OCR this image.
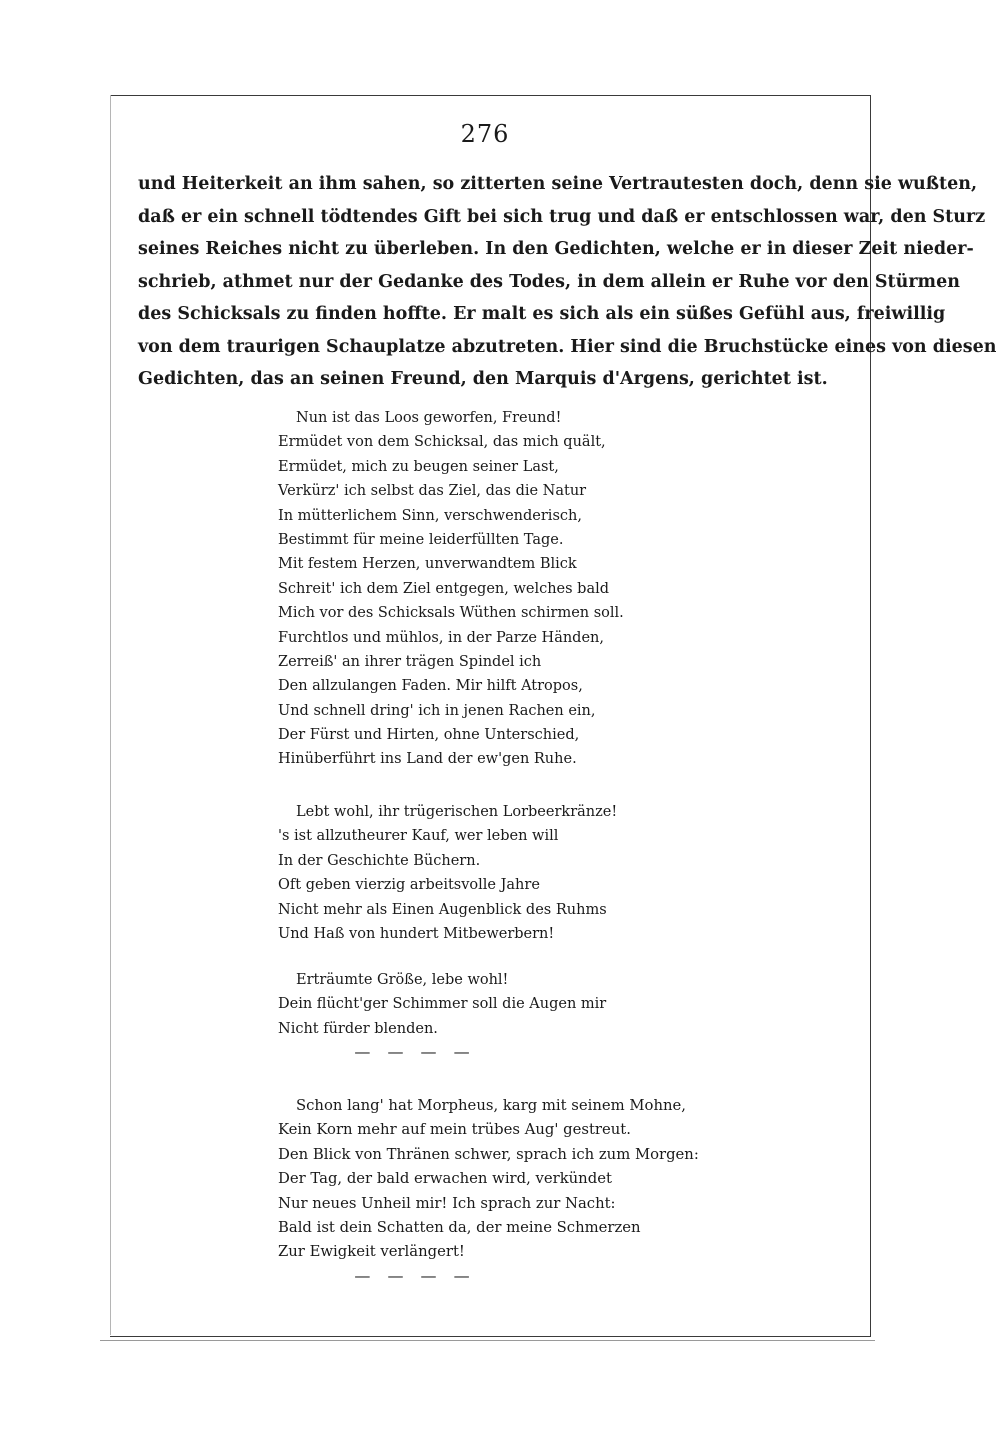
276
und Heiterkeit an ihm sahen, so zitterten seine Vertrautesten doch, denn sie wußten,
daß er ein schnell tödtendes Gift bei sich trug und daß er entschlossen war, den Sturz
seines Reiches nicht zu überleben. In den Gedichten, welche er in dieser Zeit nieder-
schrieb, athmet nur der Gedanke des Todes, in dem allein er Ruhe vor den Stürmen
des Schicksals zu finden hoffte. Er malt es sich als ein süßes Gefühl aus, freiwillig
von dem traurigen Schauplatze abzutreten. Hier sind die Bruchstücke eines von diesen
Gedichten, das an seinen Freund, den Marquis d'Argens, gerichtet ist.
Nun ist das Loos geworfen, Freund!
Ermüdet von dem Schicksal, das mich quält,
Ermüdet, mich zu beugen seiner Last,
Verkürz' ich selbst das Ziel, das die Natur
In mütterlichem Sinn, verschwenderisch,
Bestimmt für meine leiderfüllten Tage.
Mit festem Herzen, unverwandtem Blick
Schreit' ich dem Ziel entgegen, welches bald
Mich vor des Schicksals Wüthen schirmen soll.
Furchtlos und mühlos, in der Parze Händen,
Zerreiß' an ihrer trägen Spindel ich
Den allzulangen Faden. Mir hilft Atropos,
Und schnell dring' ich in jenen Rachen ein,
Der Fürst und Hirten, ohne Unterschied,
Hinüberführt ins Land der ew'gen Ruhe.
Lebt wohl, ihr trügerischen Lorbeerkränze!
's ist allzutheurer Kauf, wer leben will
In der Geschichte Büchern.
Oft geben vierzig arbeitsvolle Jahre
Nicht mehr als Einen Augenblick des Ruhms
Und Haß von hundert Mitbewerbern!
Erträumte Größe, lebe wohl!
Dein flücht'ger Schimmer soll die Augen mir
Nicht fürder blenden.
— — — —
Schon lang' hat Morpheus, karg mit seinem Mohne,
Kein Korn mehr auf mein trübes Aug' gestreut.
Den Blick von Thränen schwer, sprach ich zum Morgen:
Der Tag, der bald erwachen wird, verkündet
Nur neues Unheil mir! Ich sprach zur Nacht:
Bald ist dein Schatten da, der meine Schmerzen
Zur Ewigkeit verlängert!
— — — —
